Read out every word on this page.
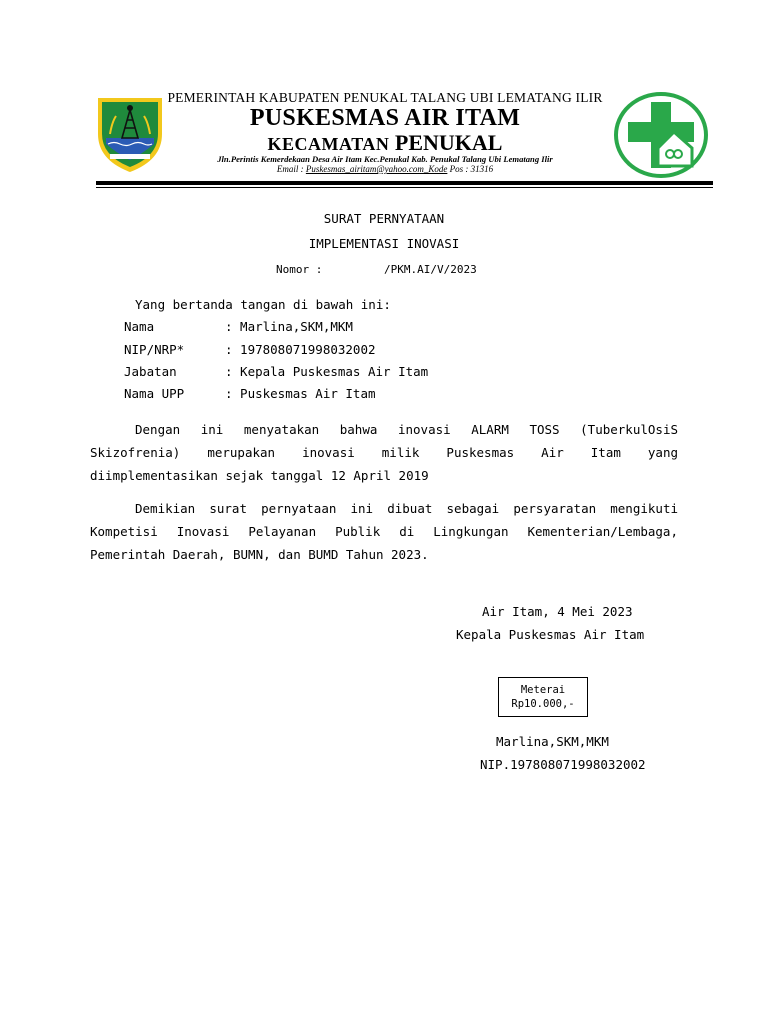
PEMERINTAH KABUPATEN PENUKAL TALANG UBI LEMATANG ILIR
PUSKESMAS AIR ITAM
KECAMATAN PENUKAL
Jln.Perintis Kemerdekaan Desa Air Itam Kec.Penukal Kab. Penukal Talang Ubi Lematang Ilir
Email : Puskesmas_airitam@yahoo.com_Kode Pos : 31316
SURAT PERNYATAAN
IMPLEMENTASI INOVASI
Nomor :	/PKM.AI/V/2023
Yang bertanda tangan di bawah ini:
Nama	: Marlina,SKM,MKM
NIP/NRP*	: 197808071998032002
Jabatan	: Kepala Puskesmas Air Itam
Nama UPP	: Puskesmas Air Itam
Dengan ini menyatakan bahwa inovasi ALARM TOSS (TuberkulOsiS
Skizofrenia) merupakan inovasi milik Puskesmas Air Itam yang
diimplementasikan sejak tanggal 12 April 2019
Demikian surat pernyataan ini dibuat sebagai persyaratan mengikuti
Kompetisi Inovasi Pelayanan Publik di Lingkungan Kementerian/Lembaga,
Pemerintah Daerah, BUMN, dan BUMD Tahun 2023.
Air Itam, 4 Mei 2023
Kepala Puskesmas Air Itam
Meterai
Rp10.000,-
Marlina,SKM,MKM
NIP.197808071998032002
